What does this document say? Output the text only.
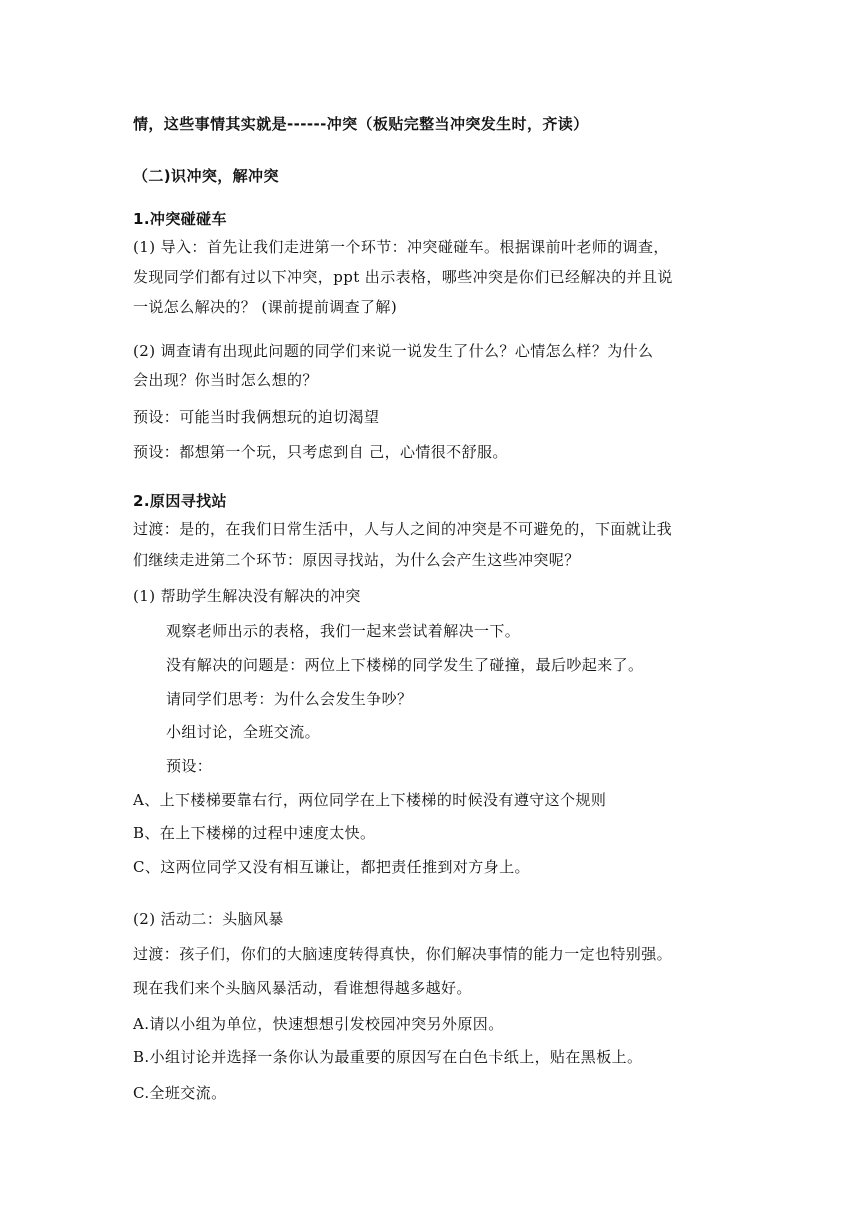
情，这些事情其实就是------冲突（板贴完整当冲突发生时，齐读）
（二)识冲突，解冲突
1.冲突碰碰车
(1) 导入：首先让我们走进第一个环节：冲突碰碰车。根据课前叶老师的调查，
发现同学们都有过以下冲突，ppt 出示表格，哪些冲突是你们已经解决的并且说
一说怎么解决的？ (课前提前调查了解)
(2) 调查请有出现此问题的同学们来说一说发生了什么？心情怎么样？为什么
会出现？你当时怎么想的？
预设：可能当时我俩想玩的迫切渴望
预设：都想第一个玩，只考虑到自 己，心情很不舒服。
2.原因寻找站
过渡：是的，在我们日常生活中，人与人之间的冲突是不可避免的，下面就让我
们继续走进第二个环节：原因寻找站，为什么会产生这些冲突呢？
(1) 帮助学生解决没有解决的冲突
观察老师出示的表格，我们一起来尝试着解决一下。
没有解决的问题是：两位上下楼梯的同学发生了碰撞，最后吵起来了。
请同学们思考：为什么会发生争吵？
小组讨论，全班交流。
预设：
A、上下楼梯要靠右行，两位同学在上下楼梯的时候没有遵守这个规则
B、在上下楼梯的过程中速度太快。
C、这两位同学又没有相互谦让，都把责任推到对方身上。
(2) 活动二：头脑风暴
过渡：孩子们，你们的大脑速度转得真快，你们解决事情的能力一定也特别强。
现在我们来个头脑风暴活动，看谁想得越多越好。
A.请以小组为单位，快速想想引发校园冲突另外原因。
B.小组讨论并选择一条你认为最重要的原因写在白色卡纸上，贴在黑板上。
C.全班交流。
